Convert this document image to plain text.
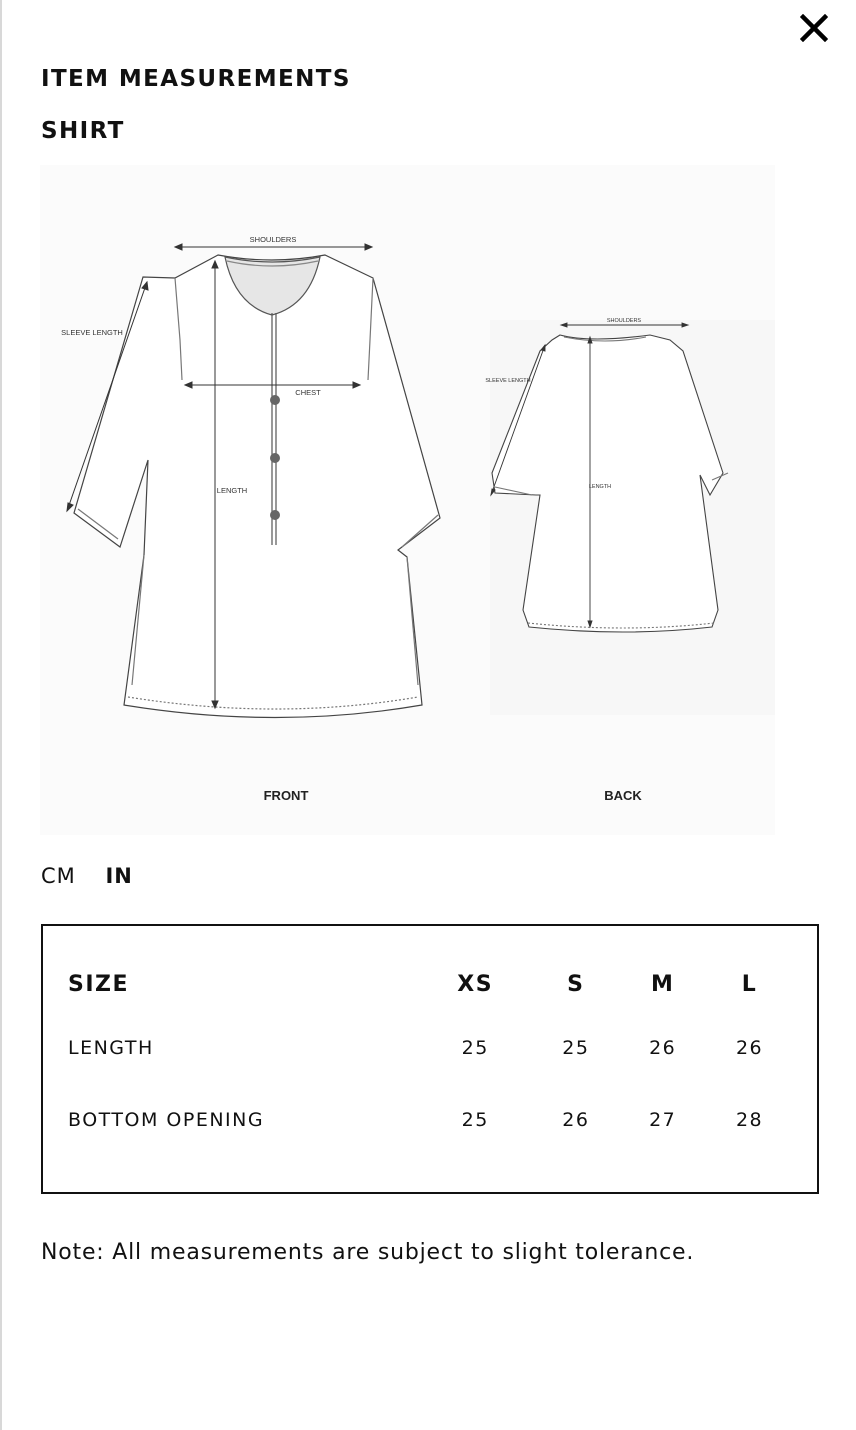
ITEM MEASUREMENTS
SHIRT
SHOULDERS
SLEEVE LENGTH
CHEST
LENGTH
FRONT
SHOULDERS
SLEEVE LENGTH
LENGTH
BACK
CM IN
SIZE	XS	S	M	L
LENGTH	25	25	26	26
BOTTOM OPENING	25	26	27	28

Note: All measurements are subject to slight tolerance.
